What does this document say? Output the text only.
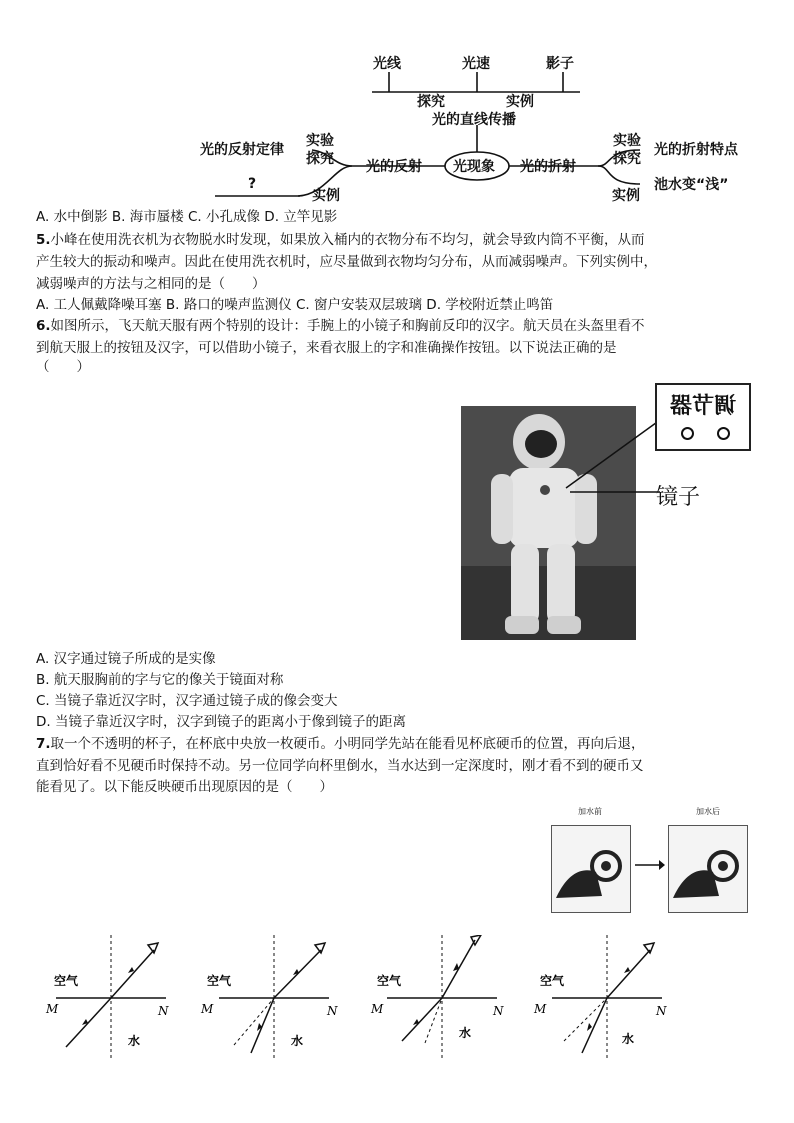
光线	光速	影子
探究	实例
光的直线传播
光现象
光的反射	光的折射
光的反射定律
实验
探究
?
实例
实验
探究
光的折射特点
池水变“浅”
实例
A. 水中倒影 B. 海市蜃楼 C. 小孔成像 D. 立竿见影
5.小峰在使用洗衣机为衣物脱水时发现，如果放入桶内的衣物分布不均匀，就会导致内筒不平衡，从而
产生较大的振动和噪声。因此在使用洗衣机时，应尽量做到衣物均匀分布，从而减弱噪声。下列实例中，
减弱噪声的方法与之相同的是（　　）
A. 工人佩戴降噪耳塞 B. 路口的噪声监测仪 C. 窗户安装双层玻璃 D. 学校附近禁止鸣笛
6.如图所示，飞天航天服有两个特别的设计：手腕上的小镜子和胸前反印的汉字。航天员在头盔里看不
到航天服上的按钮及汉字，可以借助小镜子，来看衣服上的字和准确操作按钮。以下说法正确的是
（　　）
调节器
镜子
A. 汉字通过镜子所成的是实像
B. 航天服胸前的字与它的像关于镜面对称
C. 当镜子靠近汉字时，汉字通过镜子成的像会变大
D. 当镜子靠近汉字时，汉字到镜子的距离小于像到镜子的距离
7.取一个不透明的杯子，在杯底中央放一枚硬币。小明同学先站在能看见杯底硬币的位置，再向后退，
直到恰好看不见硬币时保持不动。另一位同学向杯里倒水，当水达到一定深度时，刚才看不到的硬币又
能看见了。以下能反映硬币出现原因的是（　　）
加水前	加水后
空气
M	N
水
空气
M	N
水
空气
M	N
水
空气
M	N
水
